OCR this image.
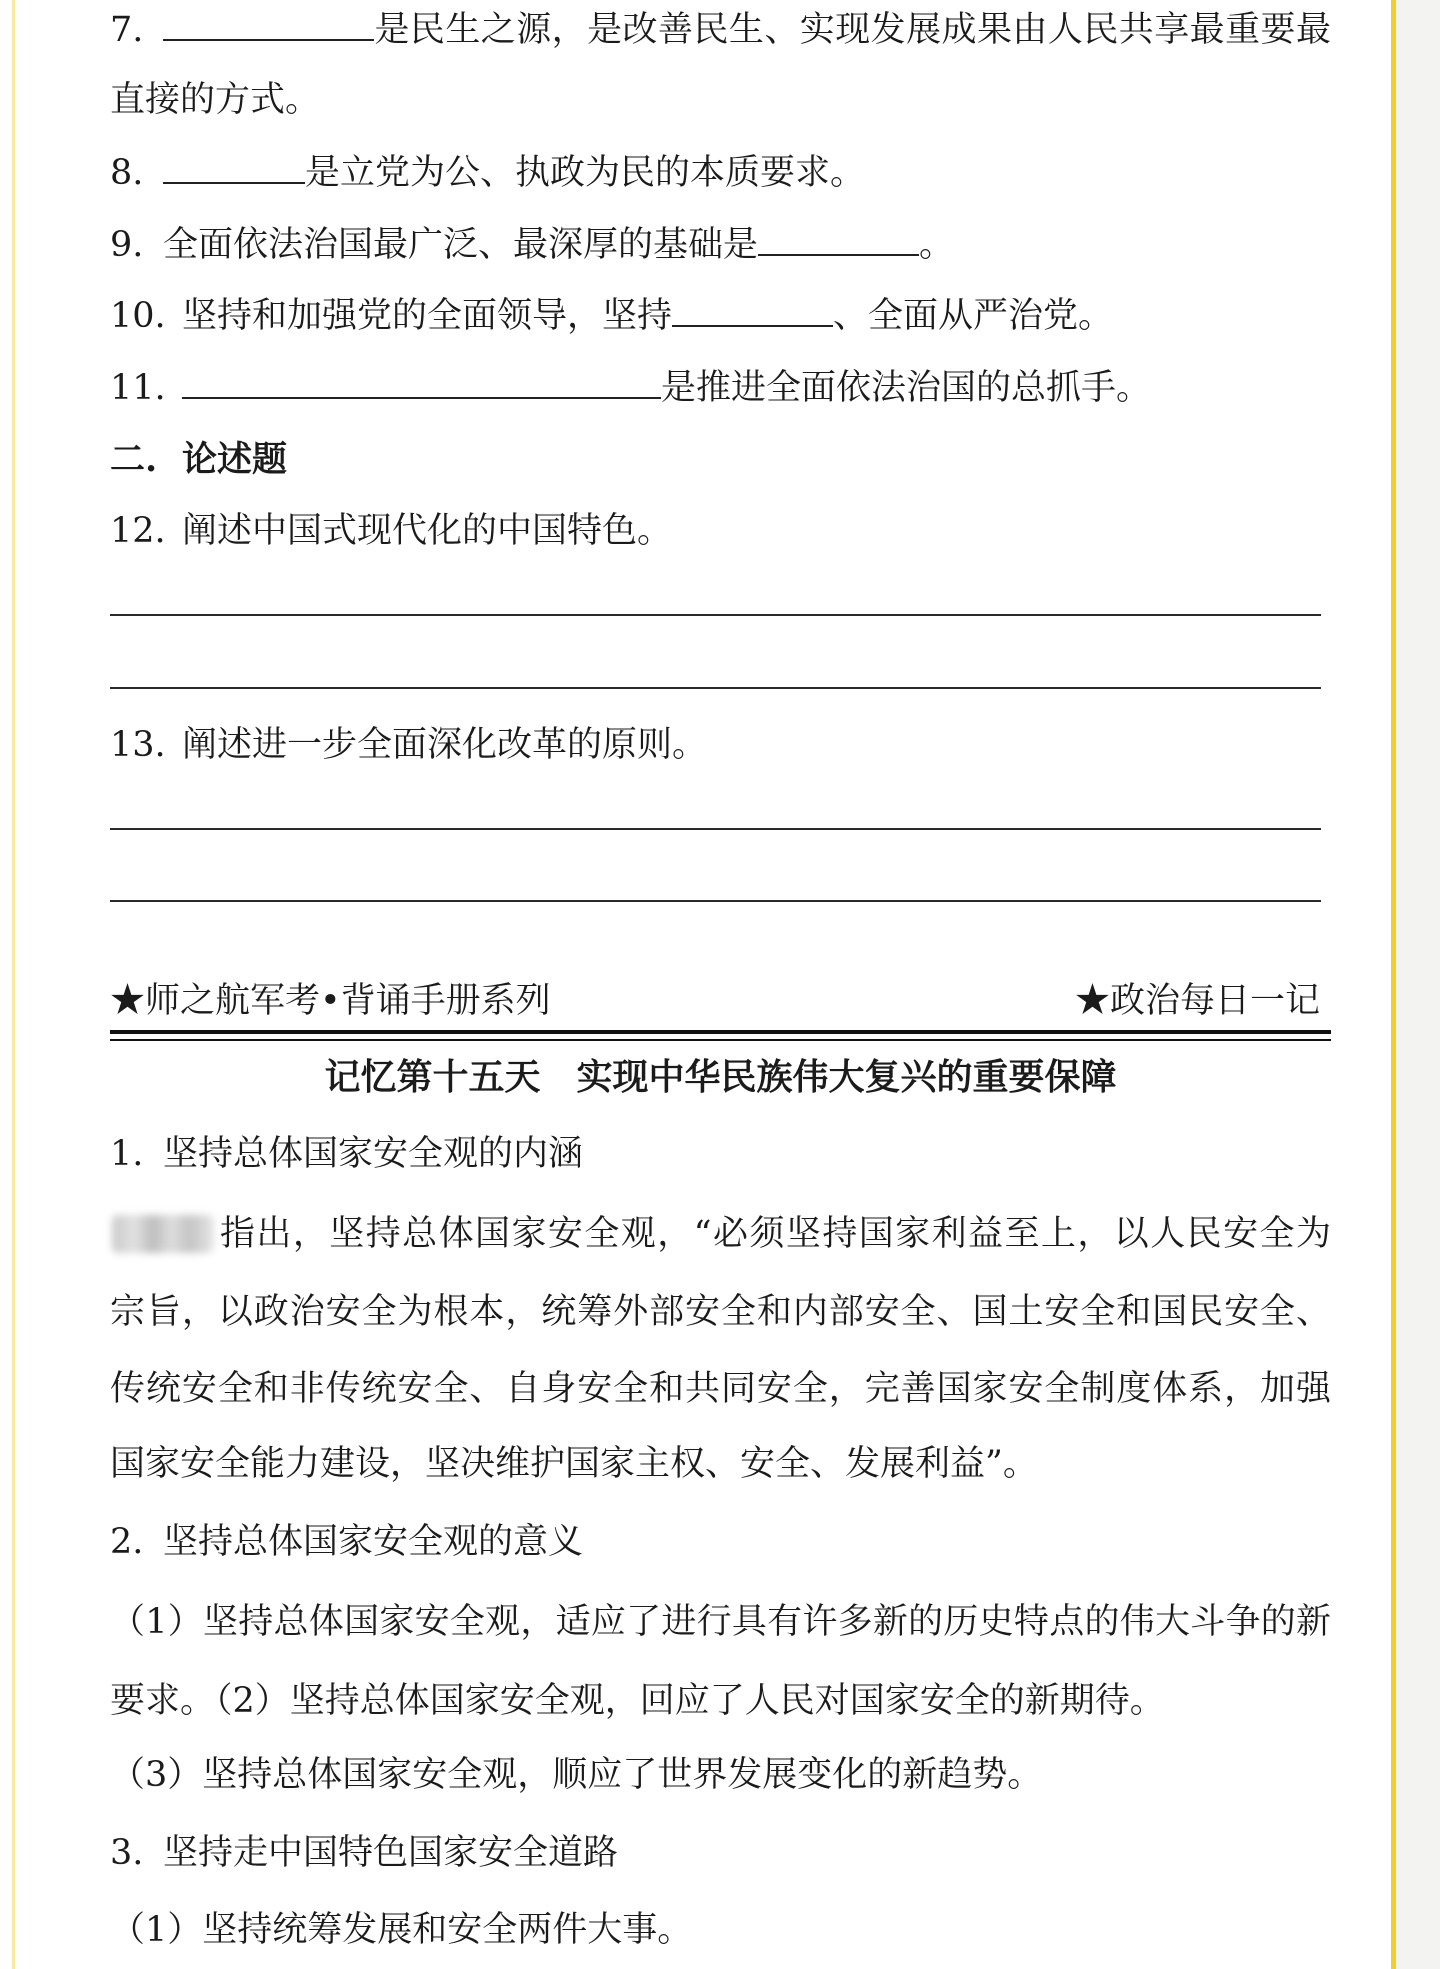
7.	是民生之源，是改善民生、实现发展成果由人民共享最重要最
直接的方式。
8.	是立党为公、执政为民的本质要求。
9. 全面依法治国最广泛、最深厚的基础是	。
10. 坚持和加强党的全面领导，坚持	、全面从严治党。
11.	是推进全面依法治国的总抓手。
二. 论述题
12. 阐述中国式现代化的中国特色。
13. 阐述进一步全面深化改革的原则。
★师之航军考•背诵手册系列	★政治每日一记
记忆第十五天　实现中华民族伟大复兴的重要保障
1. 坚持总体国家安全观的内涵
指出，坚持总体国家安全观，“必须坚持国家利益至上，以人民安全为
宗旨，以政治安全为根本，统筹外部安全和内部安全、国土安全和国民安全、
传统安全和非传统安全、自身安全和共同安全，完善国家安全制度体系，加强
国家安全能力建设，坚决维护国家主权、安全、发展利益”。
2. 坚持总体国家安全观的意义
（1）坚持总体国家安全观，适应了进行具有许多新的历史特点的伟大斗争的新
要求。（2）坚持总体国家安全观，回应了人民对国家安全的新期待。
（3）坚持总体国家安全观，顺应了世界发展变化的新趋势。
3. 坚持走中国特色国家安全道路
（1）坚持统筹发展和安全两件大事。
